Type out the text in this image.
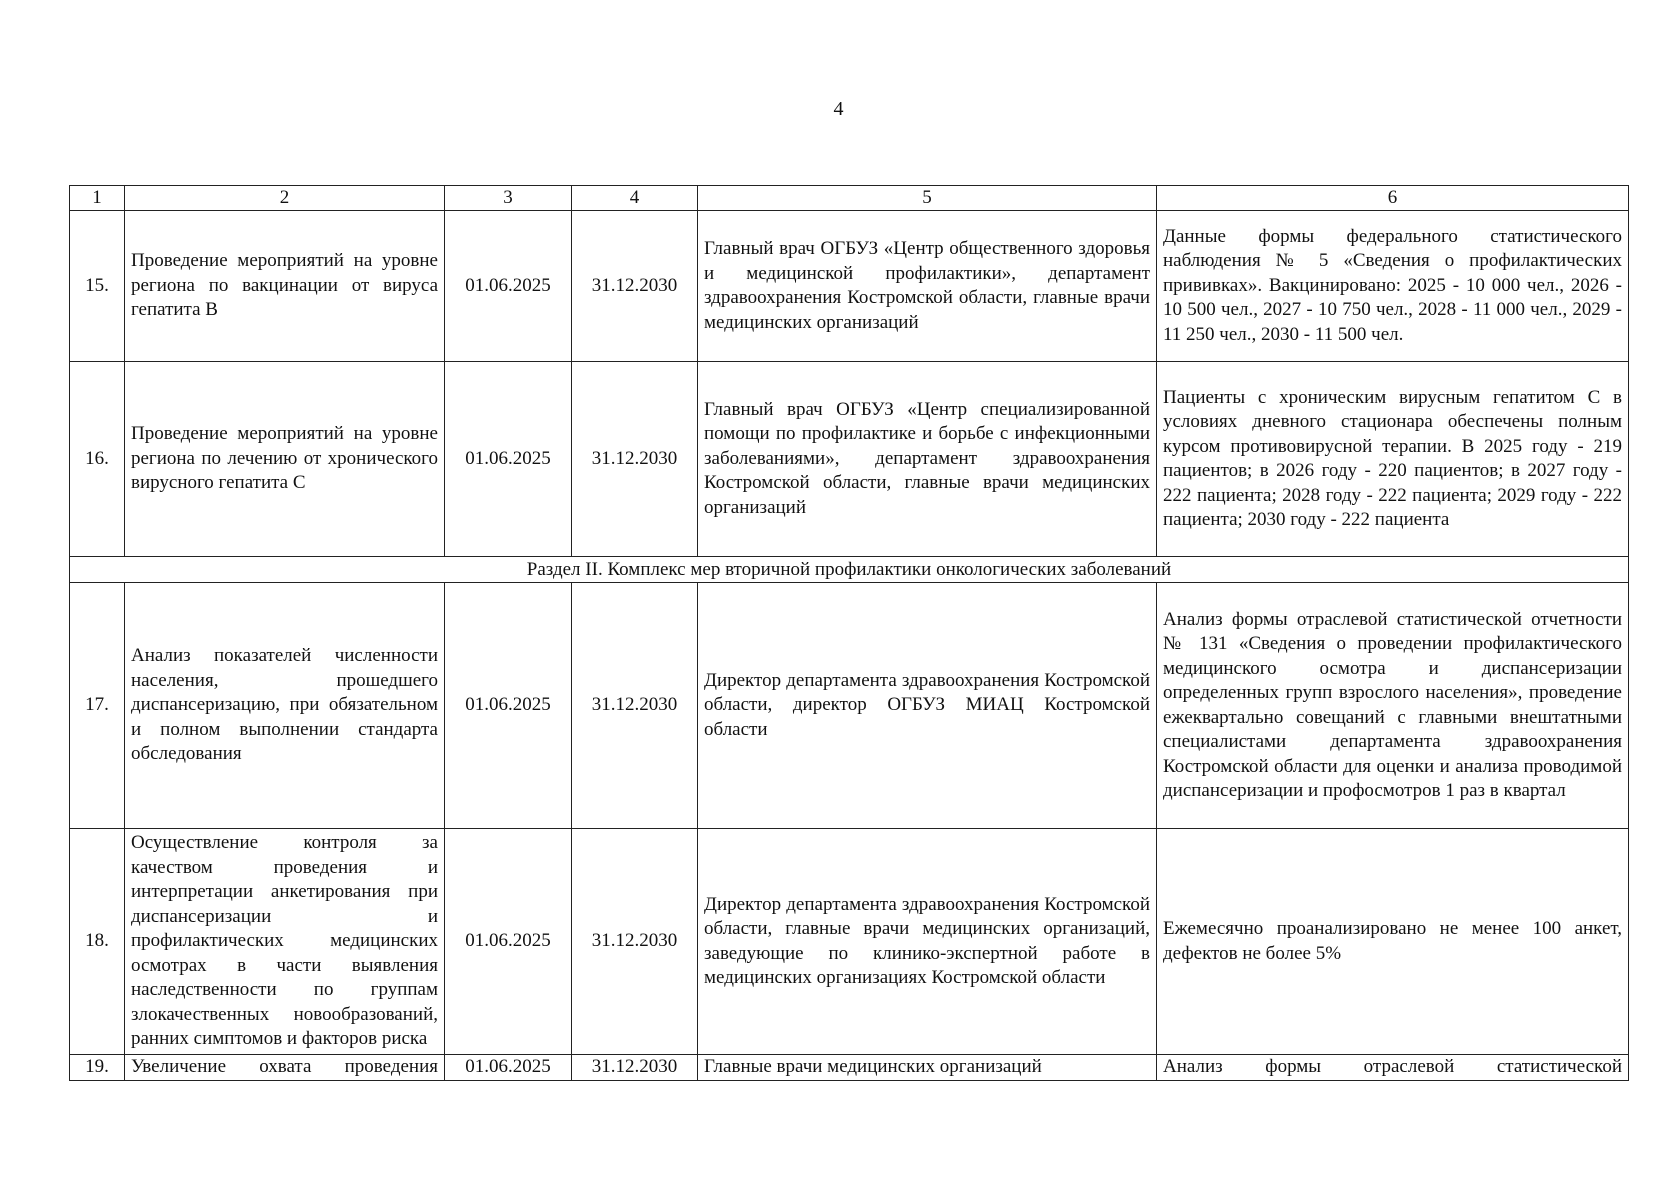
4
1	2	3	4	5	6
15.	Проведение мероприятий на уровне региона по вакцинации от вируса гепатита В	01.06.2025	31.12.2030	Главный врач ОГБУЗ «Центр общественного здоровья и медицинской профилактики», департамент здравоохранения Костромской области, главные врачи медицинских организаций	Данные формы федерального статистического наблюдения № 5 «Сведения о профилактических прививках». Вакцинировано: 2025 - 10 000 чел., 2026 - 10 500 чел., 2027 - 10 750 чел., 2028 - 11 000 чел., 2029 - 11 250 чел., 2030 - 11 500 чел.
16.	Проведение мероприятий на уровне региона по лечению от хронического вирусного гепатита С	01.06.2025	31.12.2030	Главный врач ОГБУЗ «Центр специализированной помощи по профилактике и борьбе с инфекционными заболеваниями», департамент здравоохранения Костромской области, главные врачи медицинских организаций	Пациенты с хроническим вирусным гепатитом С в условиях дневного стационара обеспечены полным курсом противовирусной терапии. В 2025 году - 219 пациентов; в 2026 году - 220 пациентов; в 2027 году - 222 пациента; 2028 году - 222 пациента; 2029 году - 222 пациента; 2030 году - 222 пациента
Раздел II. Комплекс мер вторичной профилактики онкологических заболеваний					
17.	Анализ показателей численности населения, прошедшего диспансеризацию, при обязательном и полном выполнении стандарта обследования	01.06.2025	31.12.2030	Директор департамента здравоохранения Костромской области, директор ОГБУЗ МИАЦ Костромской области	Анализ формы отраслевой статистической отчетности № 131 «Сведения о проведении профилактического медицинского осмотра и диспансеризации определенных групп взрослого населения», проведение ежеквартально совещаний с главными внештатными специалистами департамента здравоохранения Костромской области для оценки и анализа проводимой диспансеризации и профосмотров 1 раз в квартал
18.	Осуществление контроля за качеством проведения и интерпретации анкетирования при диспансеризации и профилактических медицинских осмотрах в части выявления наследственности по группам злокачественных новообразований, ранних симптомов и факторов риска	01.06.2025	31.12.2030	Директор департамента здравоохранения Костромской области, главные врачи медицинских организаций, заведующие по клинико-экспертной работе в медицинских организациях Костромской области	Ежемесячно проанализировано не менее 100 анкет, дефектов не более 5%
19.	Увеличение охвата проведения	01.06.2025	31.12.2030	Главные врачи медицинских организаций	Анализ формы отраслевой статистической
